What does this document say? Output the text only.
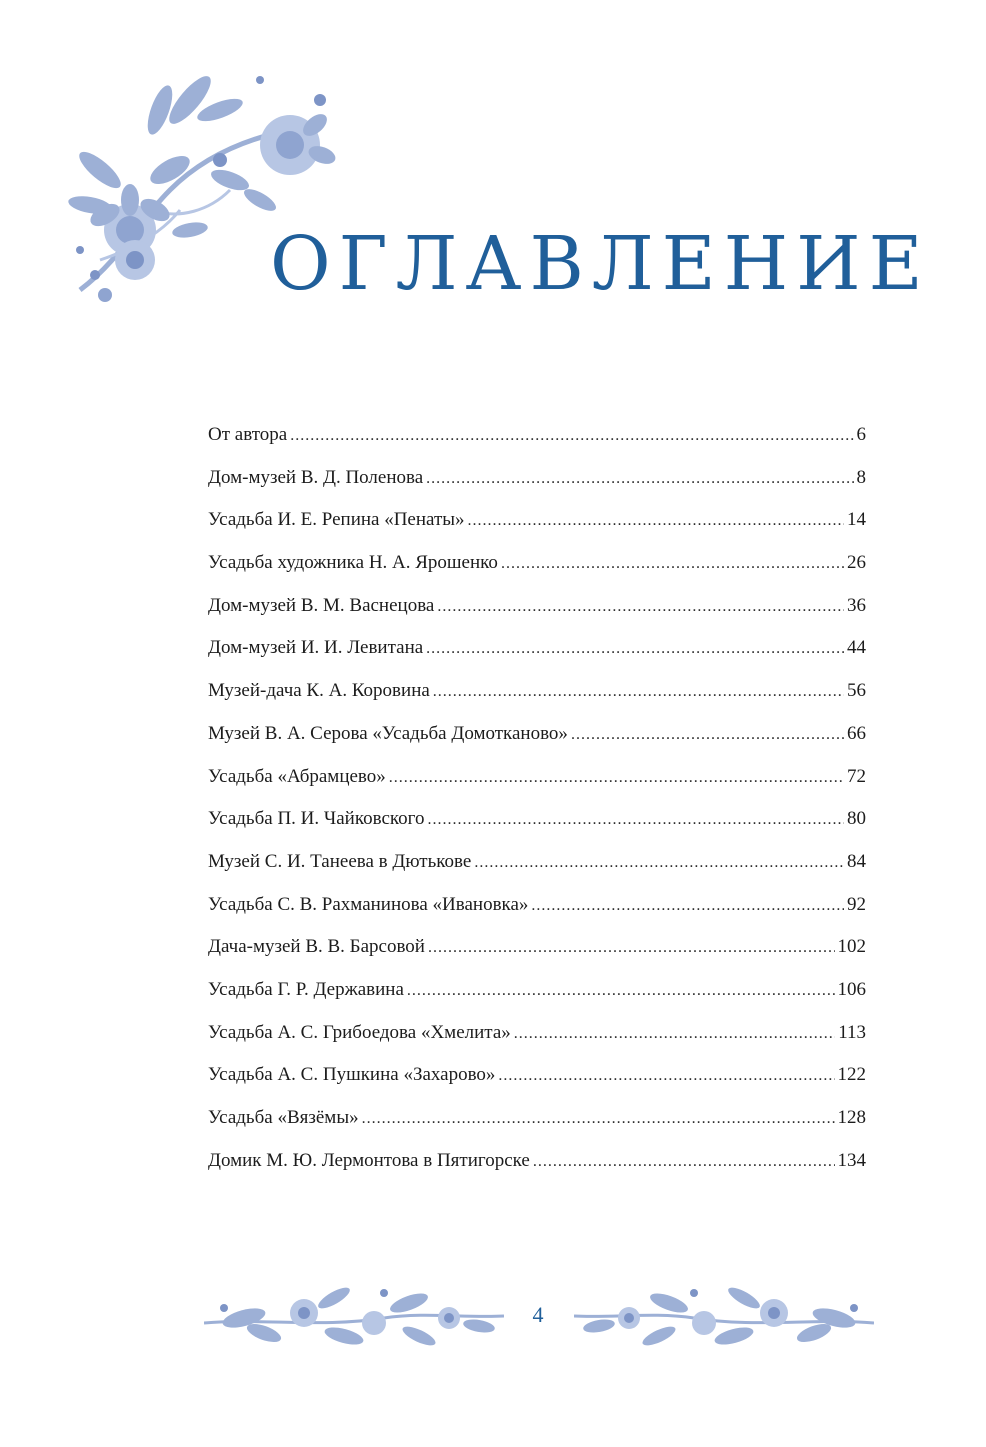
ОГЛАВЛЕНИЕ
От автора .....	6
Дом-музей В. Д. Поленова .....	8
Усадьба И. Е. Репина «Пенаты» .....	14
Усадьба художника Н. А. Ярошенко .....	26
Дом-музей В. М. Васнецова .....	36
Дом-музей И. И. Левитана .....	44
Музей-дача К. А. Коровина .....	56
Музей В. А. Серова «Усадьба Домотканово» .....	66
Усадьба «Абрамцево» .....	72
Усадьба П. И. Чайковского .....	80
Музей С. И. Танеева в Дютькове .....	84
Усадьба С. В. Рахманинова «Ивановка» .....	92
Дача-музей В. В. Барсовой .....	102
Усадьба Г. Р. Державина .....	106
Усадьба А. С. Грибоедова «Хмелита» .....	113
Усадьба А. С. Пушкина «Захарово» .....	122
Усадьба «Вязёмы» .....	128
Домик М. Ю. Лермонтова в Пятигорске .....	134
4
